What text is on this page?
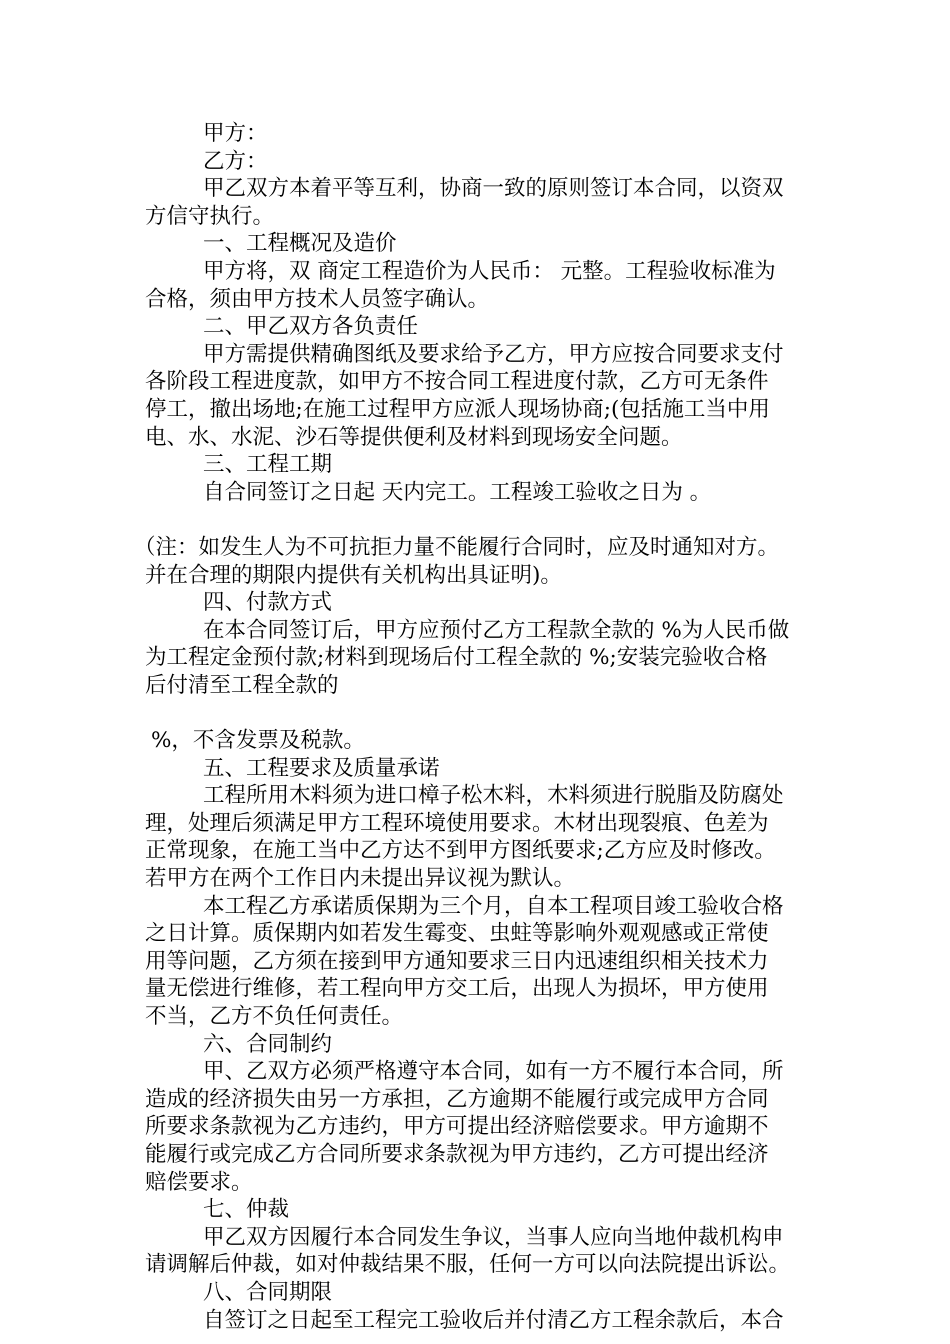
甲方：
乙方：
甲乙双方本着平等互利，协商一致的原则签订本合同，以资双
方信守执行。
一、工程概况及造价
甲方将，双 商定工程造价为人民币： 元整。工程验收标准为
合格，须由甲方技术人员签字确认。
二、甲乙双方各负责任
甲方需提供精确图纸及要求给予乙方，甲方应按合同要求支付
各阶段工程进度款，如甲方不按合同工程进度付款，乙方可无条件
停工，撤出场地;在施工过程甲方应派人现场协商;(包括施工当中用
电、水、水泥、沙石等提供便利及材料到现场安全问题。
三、工程工期
自合同签订之日起 天内完工。工程竣工验收之日为 。
（注：如发生人为不可抗拒力量不能履行合同时，应及时通知对方。
并在合理的期限内提供有关机构出具证明)。
四、付款方式
在本合同签订后，甲方应预付乙方工程款全款的 %为人民币做
为工程定金预付款;材料到现场后付工程全款的 %;安装完验收合格
后付清至工程全款的
%，不含发票及税款。
五、工程要求及质量承诺
工程所用木料须为进口樟子松木料，木料须进行脱脂及防腐处
理，处理后须满足甲方工程环境使用要求。木材出现裂痕、色差为
正常现象，在施工当中乙方达不到甲方图纸要求;乙方应及时修改。
若甲方在两个工作日内未提出异议视为默认。
本工程乙方承诺质保期为三个月，自本工程项目竣工验收合格
之日计算。质保期内如若发生霉变、虫蛀等影响外观观感或正常使
用等问题，乙方须在接到甲方通知要求三日内迅速组织相关技术力
量无偿进行维修，若工程向甲方交工后，出现人为损坏，甲方使用
不当，乙方不负任何责任。
六、合同制约
甲、乙双方必须严格遵守本合同，如有一方不履行本合同，所
造成的经济损失由另一方承担，乙方逾期不能履行或完成甲方合同
所要求条款视为乙方违约，甲方可提出经济赔偿要求。甲方逾期不
能履行或完成乙方合同所要求条款视为甲方违约，乙方可提出经济
赔偿要求。
七、仲裁
甲乙双方因履行本合同发生争议，当事人应向当地仲裁机构申
请调解后仲裁，如对仲裁结果不服，任何一方可以向法院提出诉讼。
八、合同期限
自签订之日起至工程完工验收后并付清乙方工程余款后，本合
